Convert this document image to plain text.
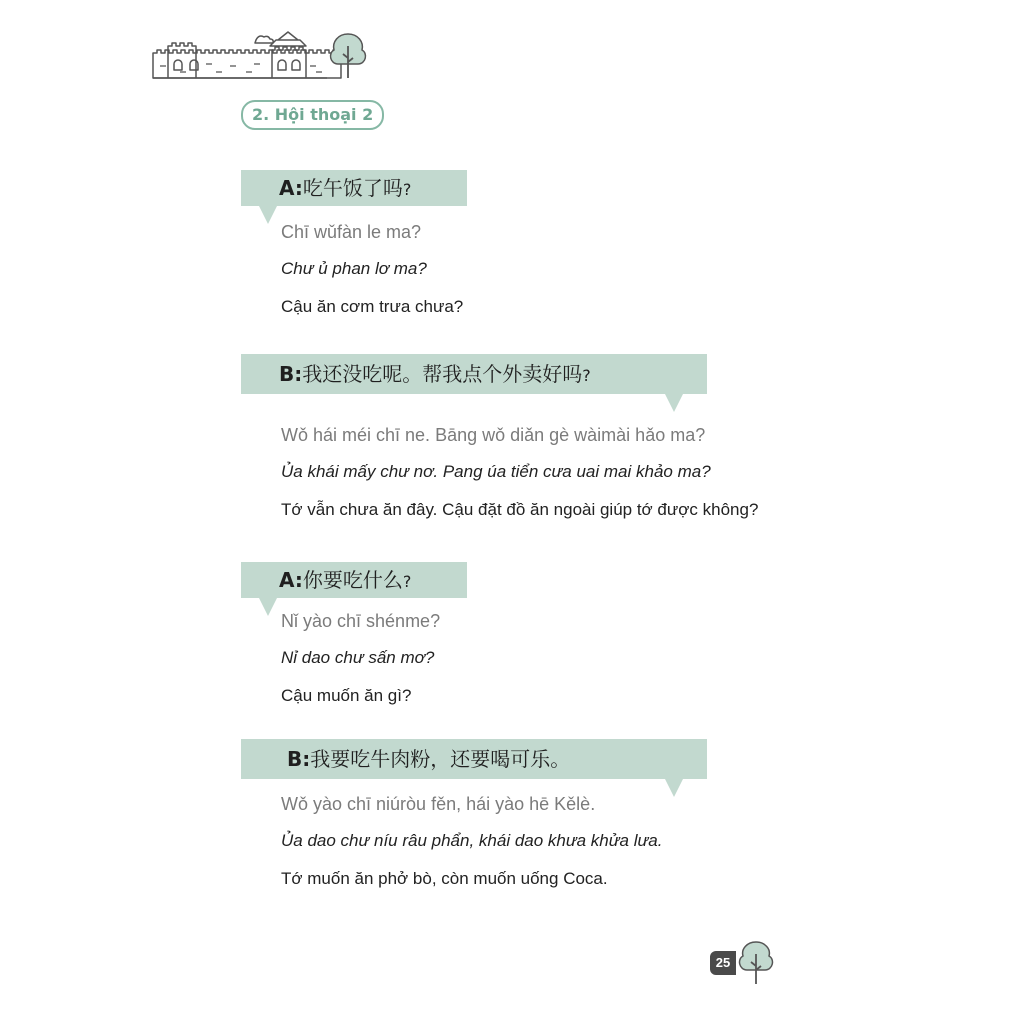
2. Hội thoại 2
A:吃午饭了吗?
Chī wǔfàn le ma?
Chư ủ phan lơ ma?
Cậu ăn cơm trưa chưa?
B:我还没吃呢。帮我点个外卖好吗?
Wǒ hái méi chī ne. Bāng wǒ diǎn gè wàimài hǎo ma?
Ủa khái mấy chư nơ. Pang úa tiển cưa uai mai khảo ma?
Tớ vẫn chưa ăn đây. Cậu đặt đồ ăn ngoài giúp tớ được không?
A:你要吃什么?
Nǐ yào chī shénme?
Nỉ dao chư sấn mơ?
Cậu muốn ăn gì?
B:我要吃牛肉粉，还要喝可乐。
Wǒ yào chī niúròu fěn, hái yào hē Kělè.
Ủa dao chư níu râu phẩn, khái dao khưa khửa lưa.
Tớ muốn ăn phở bò, còn muốn uống Coca.
25
